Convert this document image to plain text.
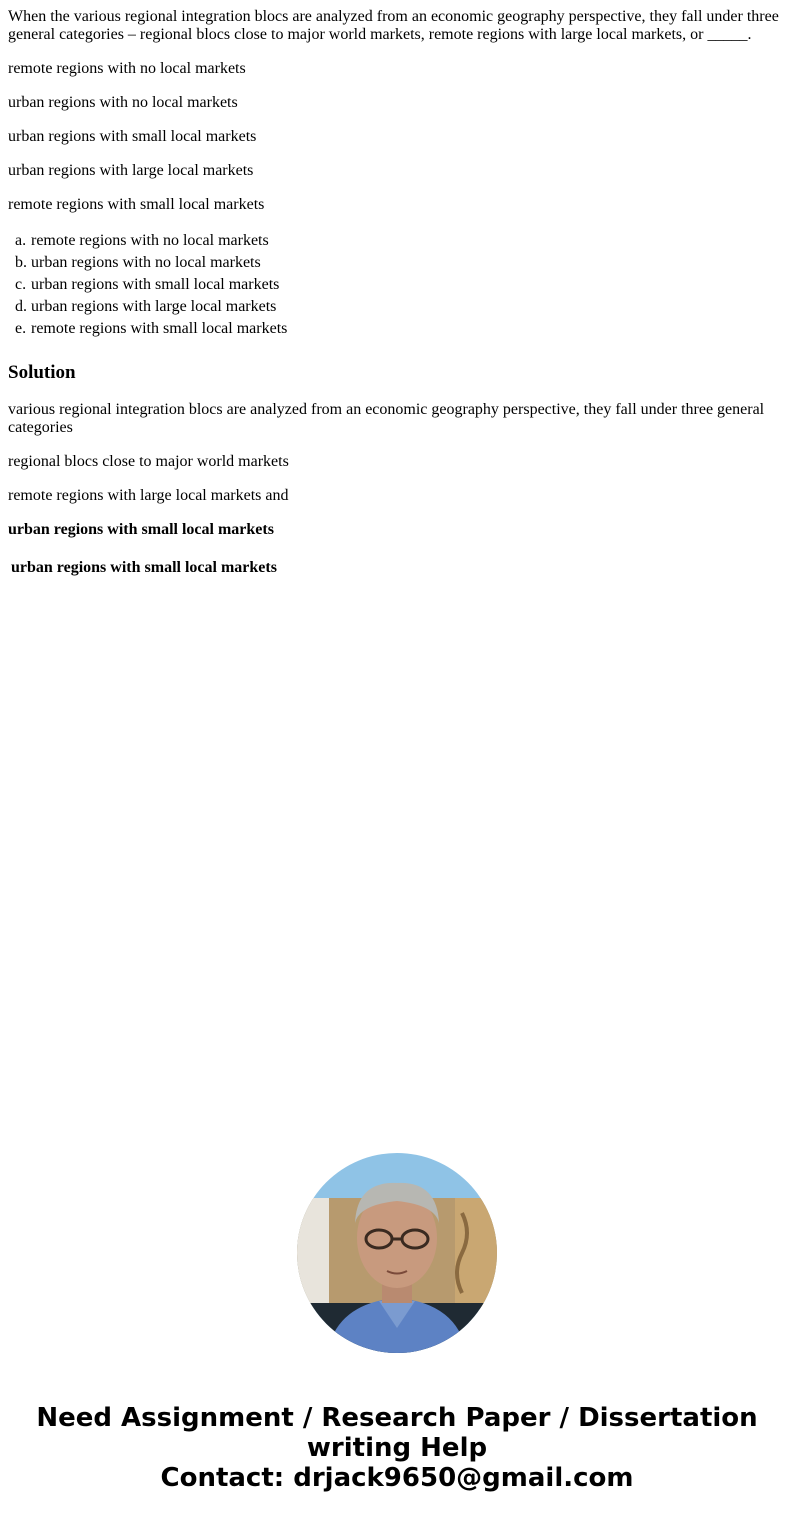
When the various regional integration blocs are analyzed from an economic geography perspective, they fall under three general categories – regional blocs close to major world markets, remote regions with large local markets, or _____.

remote regions with no local markets

urban regions with no local markets

urban regions with small local markets

urban regions with large local markets

remote regions with small local markets

a. remote regions with no local markets
b. urban regions with no local markets
c. urban regions with small local markets
d. urban regions with large local markets
e. remote regions with small local markets
Solution

various regional integration blocs are analyzed from an economic geography perspective, they fall under three general categories

regional blocs close to major world markets

remote regions with large local markets and

urban regions with small local markets

urban regions with small local markets
Need Assignment / Research Paper / Dissertation
writing Help
Contact: drjack9650@gmail.com
